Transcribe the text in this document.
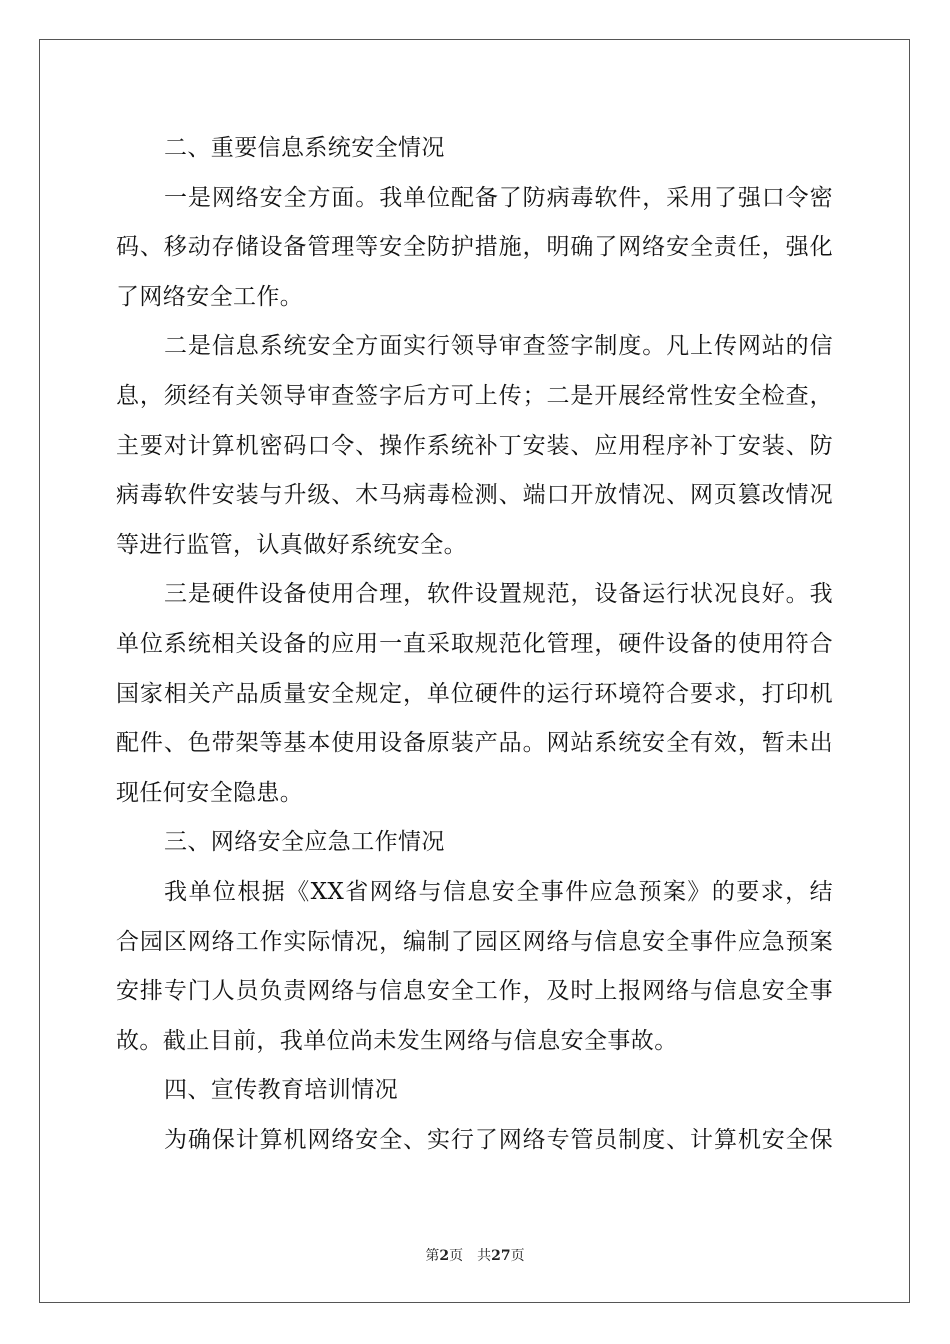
二、重要信息系统安全情况
一是网络安全方面。我单位配备了防病毒软件，采用了强口令密
码、移动存储设备管理等安全防护措施，明确了网络安全责任，强化
了网络安全工作。
二是信息系统安全方面实行领导审查签字制度。凡上传网站的信
息，须经有关领导审查签字后方可上传；二是开展经常性安全检查，
主要对计算机密码口令、操作系统补丁安装、应用程序补丁安装、防
病毒软件安装与升级、木马病毒检测、端口开放情况、网页篡改情况
等进行监管，认真做好系统安全。
三是硬件设备使用合理，软件设置规范，设备运行状况良好。我
单位系统相关设备的应用一直采取规范化管理，硬件设备的使用符合
国家相关产品质量安全规定，单位硬件的运行环境符合要求，打印机
配件、色带架等基本使用设备原装产品。网站系统安全有效，暂未出
现任何安全隐患。
三、网络安全应急工作情况
我单位根据《XX省网络与信息安全事件应急预案》的要求，结
合园区网络工作实际情况，编制了园区网络与信息安全事件应急预案
安排专门人员负责网络与信息安全工作，及时上报网络与信息安全事
故。截止目前，我单位尚未发生网络与信息安全事故。
四、宣传教育培训情况
为确保计算机网络安全、实行了网络专管员制度、计算机安全保
第2页 共27页
